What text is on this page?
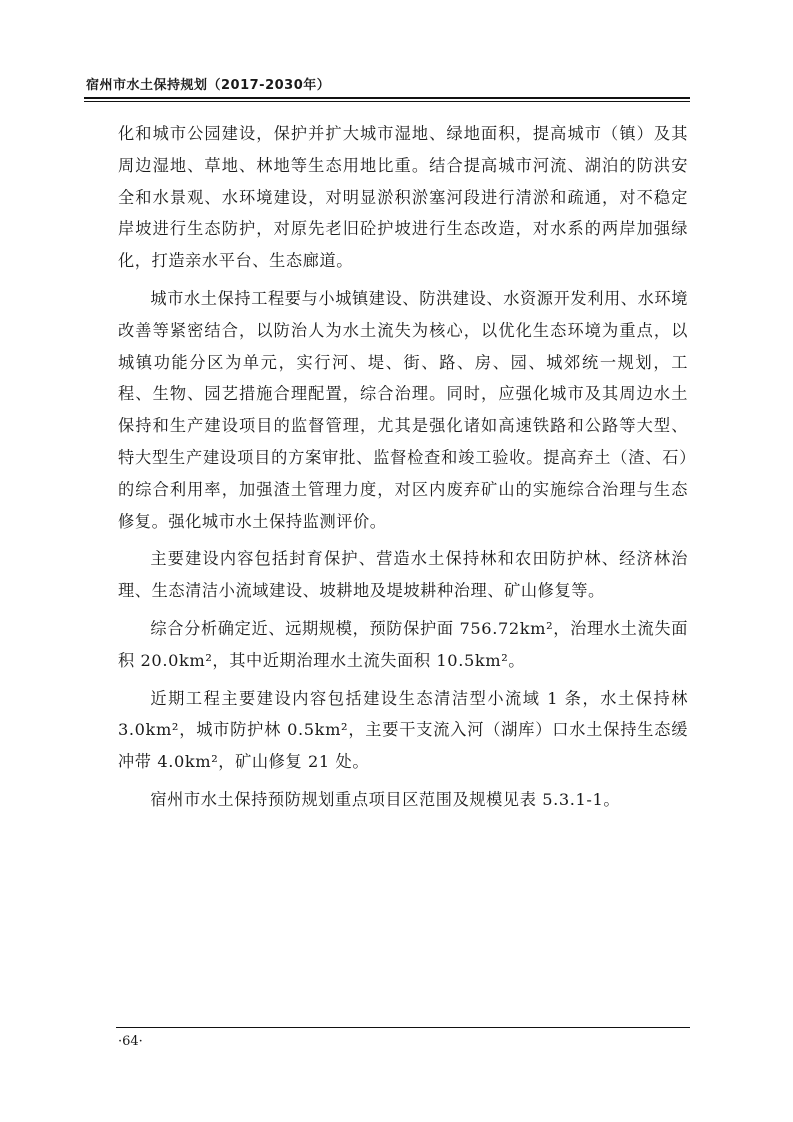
宿州市水土保持规划（2017-2030年）

化和城市公园建设，保护并扩大城市湿地、绿地面积，提高城市（镇）及其周边湿地、草地、林地等生态用地比重。结合提高城市河流、湖泊的防洪安全和水景观、水环境建设，对明显淤积淤塞河段进行清淤和疏通，对不稳定岸坡进行生态防护，对原先老旧砼护坡进行生态改造，对水系的两岸加强绿化，打造亲水平台、生态廊道。

城市水土保持工程要与小城镇建设、防洪建设、水资源开发利用、水环境改善等紧密结合，以防治人为水土流失为核心，以优化生态环境为重点，以城镇功能分区为单元，实行河、堤、街、路、房、园、城郊统一规划，工程、生物、园艺措施合理配置，综合治理。同时，应强化城市及其周边水土保持和生产建设项目的监督管理，尤其是强化诸如高速铁路和公路等大型、特大型生产建设项目的方案审批、监督检查和竣工验收。提高弃土（渣、石）的综合利用率，加强渣土管理力度，对区内废弃矿山的实施综合治理与生态修复。强化城市水土保持监测评价。

主要建设内容包括封育保护、营造水土保持林和农田防护林、经济林治理、生态清洁小流域建设、坡耕地及堤坡耕种治理、矿山修复等。

综合分析确定近、远期规模，预防保护面 756.72km²，治理水土流失面积 20.0km²，其中近期治理水土流失面积 10.5km²。

近期工程主要建设内容包括建设生态清洁型小流域 1 条，水土保持林 3.0km²，城市防护林 0.5km²，主要干支流入河（湖库）口水土保持生态缓冲带 4.0km²，矿山修复 21 处。

宿州市水土保持预防规划重点项目区范围及规模见表 5.3.1-1。

·64·
